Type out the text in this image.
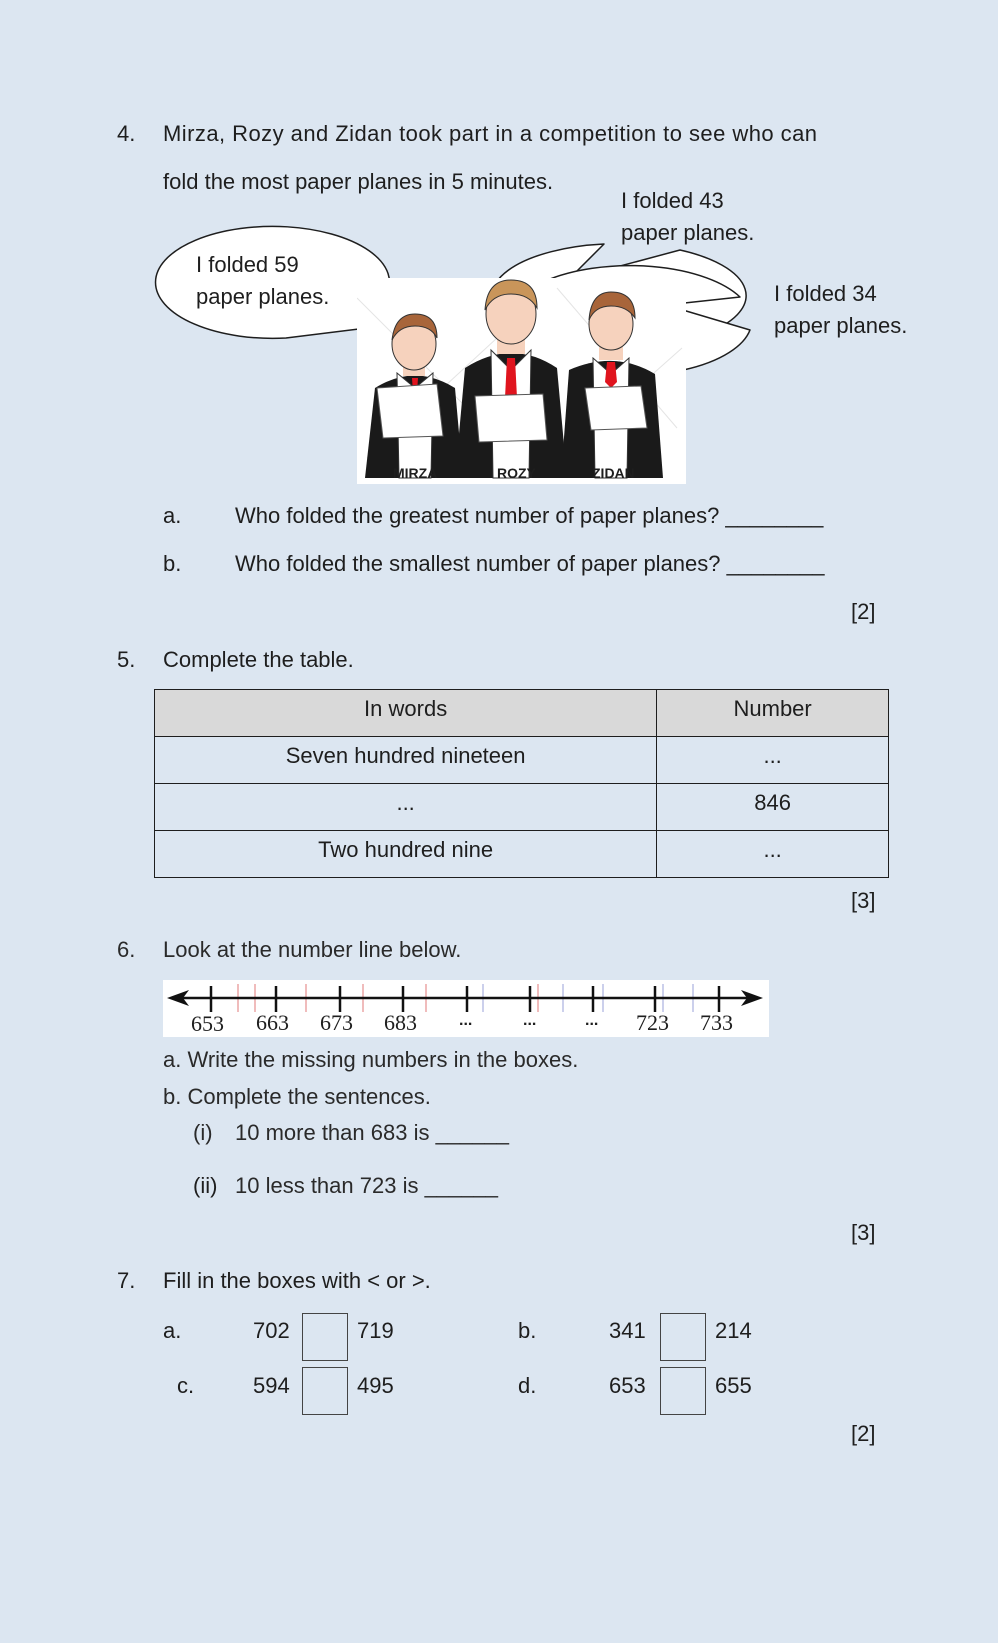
4. Mirza, Rozy and Zidan took part in a competition to see who can
fold the most paper planes in 5 minutes.
I folded 59
paper planes.
I folded 43
paper planes.
I folded 34
paper planes.
MIRZA	ROZY	ZIDAN
a. Who folded the greatest number of paper planes? ________
b. Who folded the smallest number of paper planes? ________
[2]
5. Complete the table.
In words	Number
Seven hundred nineteen	...
...	846
Two hundred nine	...
[3]
6. Look at the number line below.
653 663 673 683	...	...	... 723 733
a. Write the missing numbers in the boxes.
b. Complete the sentences.
(i) 10 more than 683 is ______
(ii) 10 less than 723 is ______
[3]
7. Fill in the boxes with < or >.
a.	702	719	b.	341	214
c.	594	495	d.	653	655
[2]
